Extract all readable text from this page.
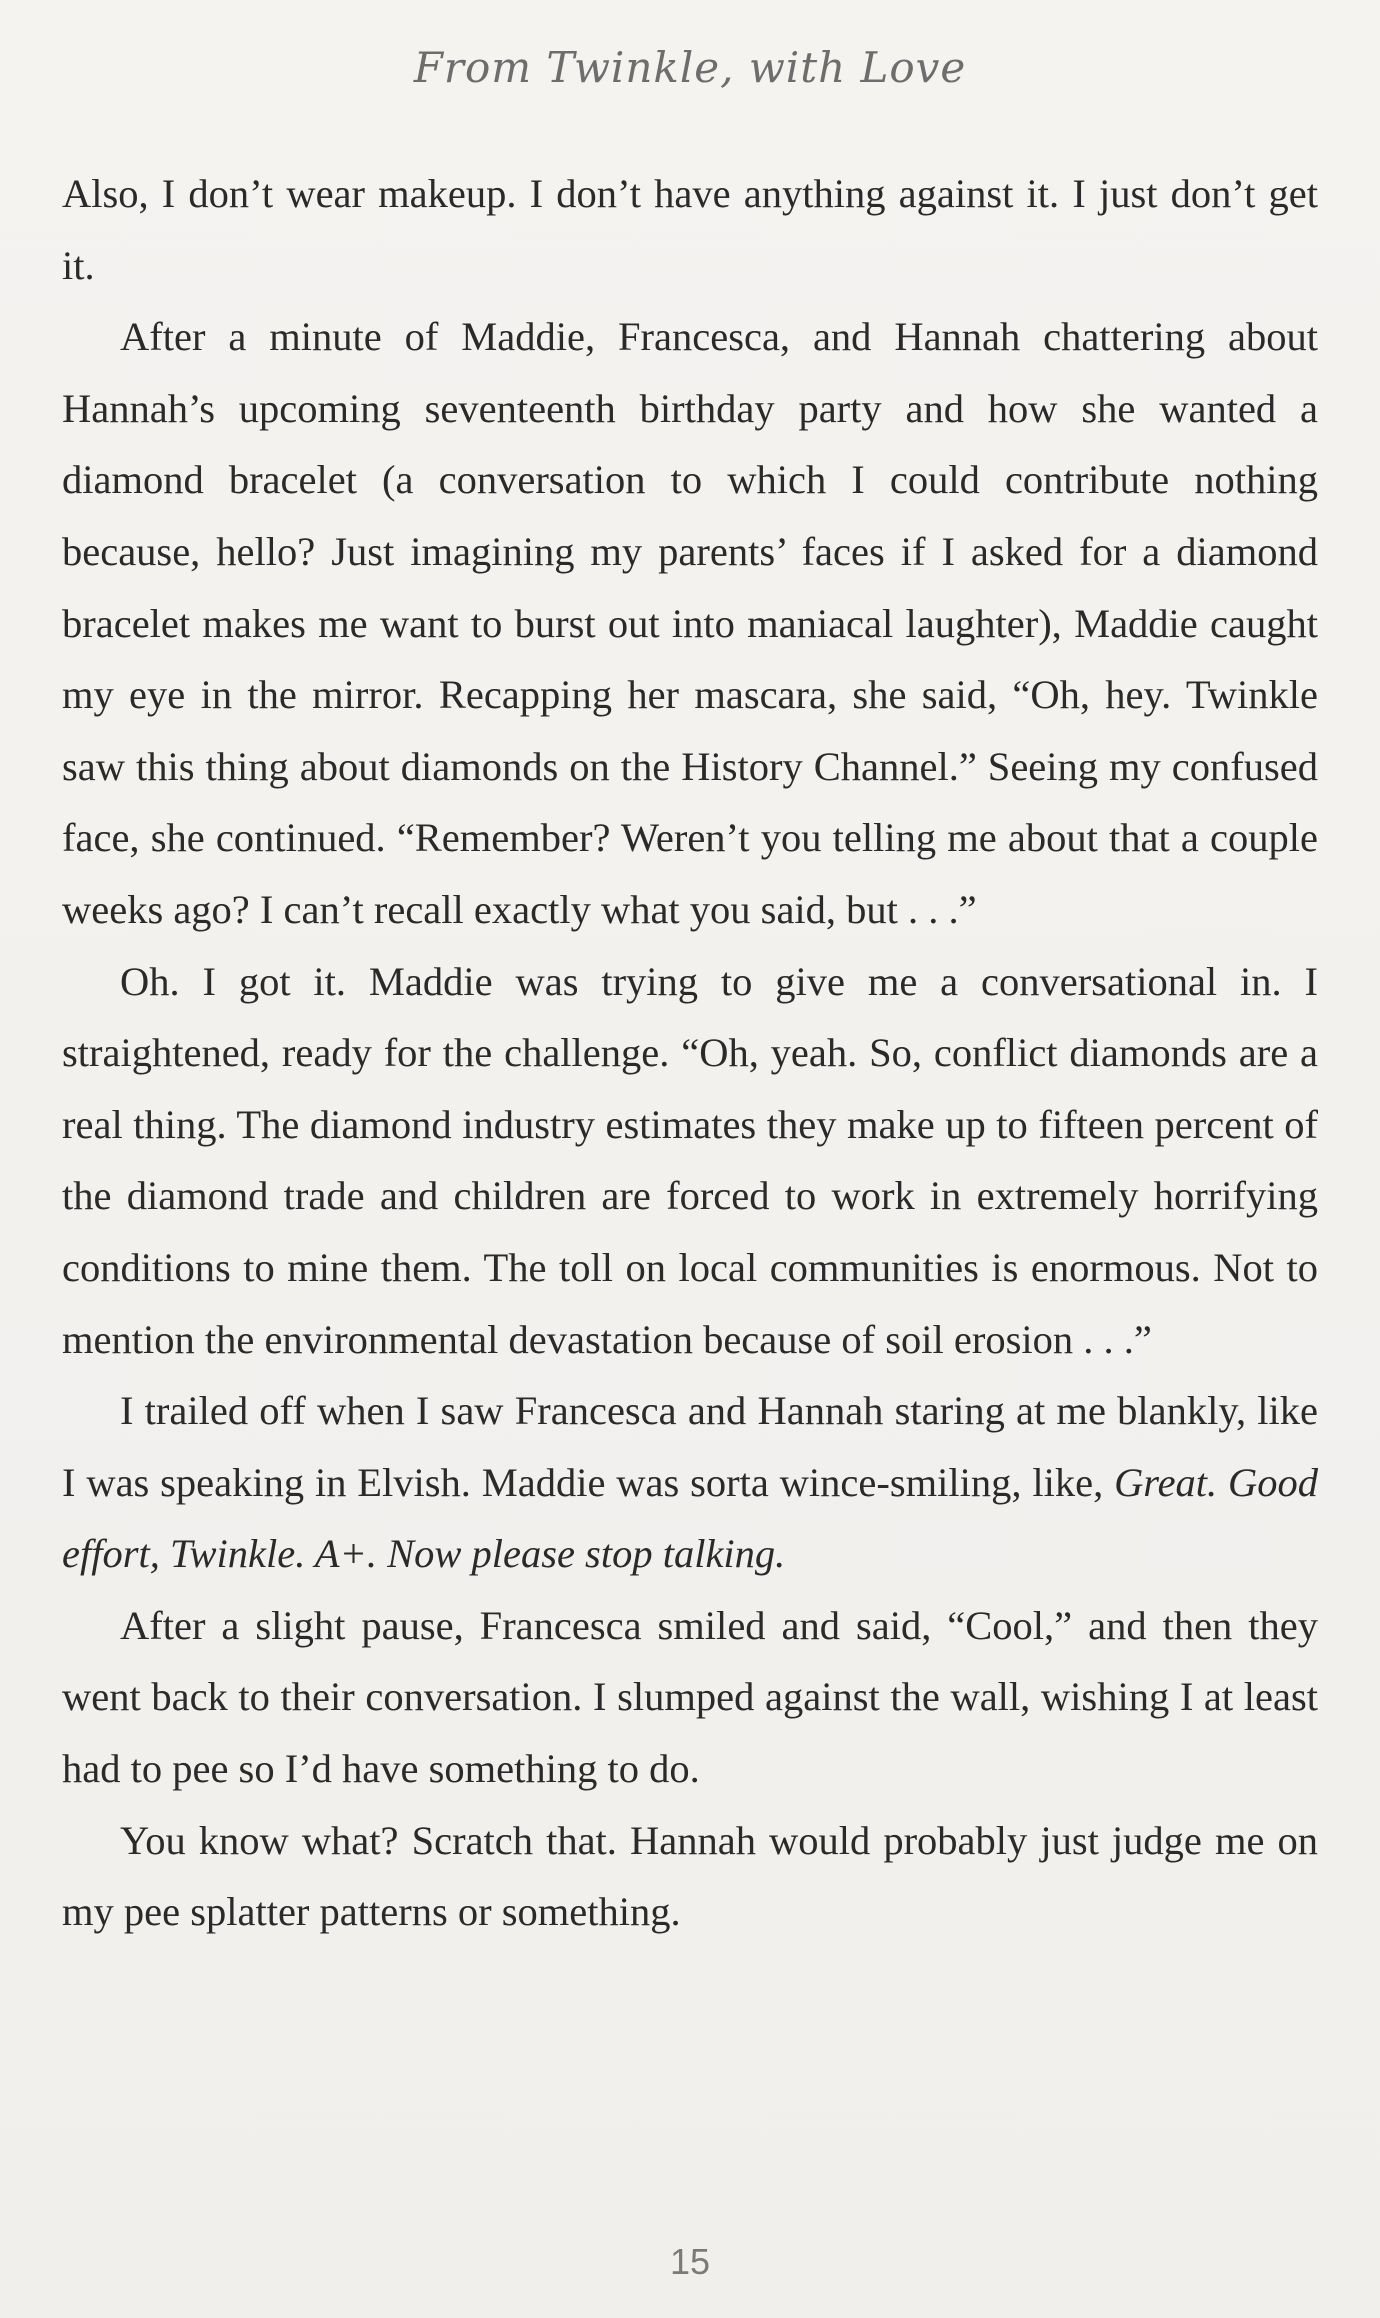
From Twinkle, with Love

Also, I don’t wear makeup. I don’t have anything against it. I just don’t get it.

After a minute of Maddie, Francesca, and Hannah chattering about Hannah’s upcoming seventeenth birthday party and how she wanted a diamond bracelet (a conversation to which I could contribute nothing because, hello? Just imagining my parents’ faces if I asked for a diamond bracelet makes me want to burst out into maniacal laughter), Maddie caught my eye in the mirror. Recapping her mascara, she said, “Oh, hey. Twinkle saw this thing about diamonds on the History Channel.” Seeing my confused face, she continued. “Remember? Weren’t you telling me about that a couple weeks ago? I can’t recall exactly what you said, but . . .”

Oh. I got it. Maddie was trying to give me a conversational in. I straightened, ready for the challenge. “Oh, yeah. So, conflict diamonds are a real thing. The diamond industry estimates they make up to fifteen percent of the diamond trade and children are forced to work in extremely horrifying conditions to mine them. The toll on local communities is enormous. Not to mention the environmental devastation because of soil erosion . . .”

I trailed off when I saw Francesca and Hannah staring at me blankly, like I was speaking in Elvish. Maddie was sorta wince-smiling, like, Great. Good effort, Twinkle. A+. Now please stop talking.

After a slight pause, Francesca smiled and said, “Cool,” and then they went back to their conversation. I slumped against the wall, wishing I at least had to pee so I’d have something to do.

You know what? Scratch that. Hannah would probably just judge me on my pee splatter patterns or something.

15
